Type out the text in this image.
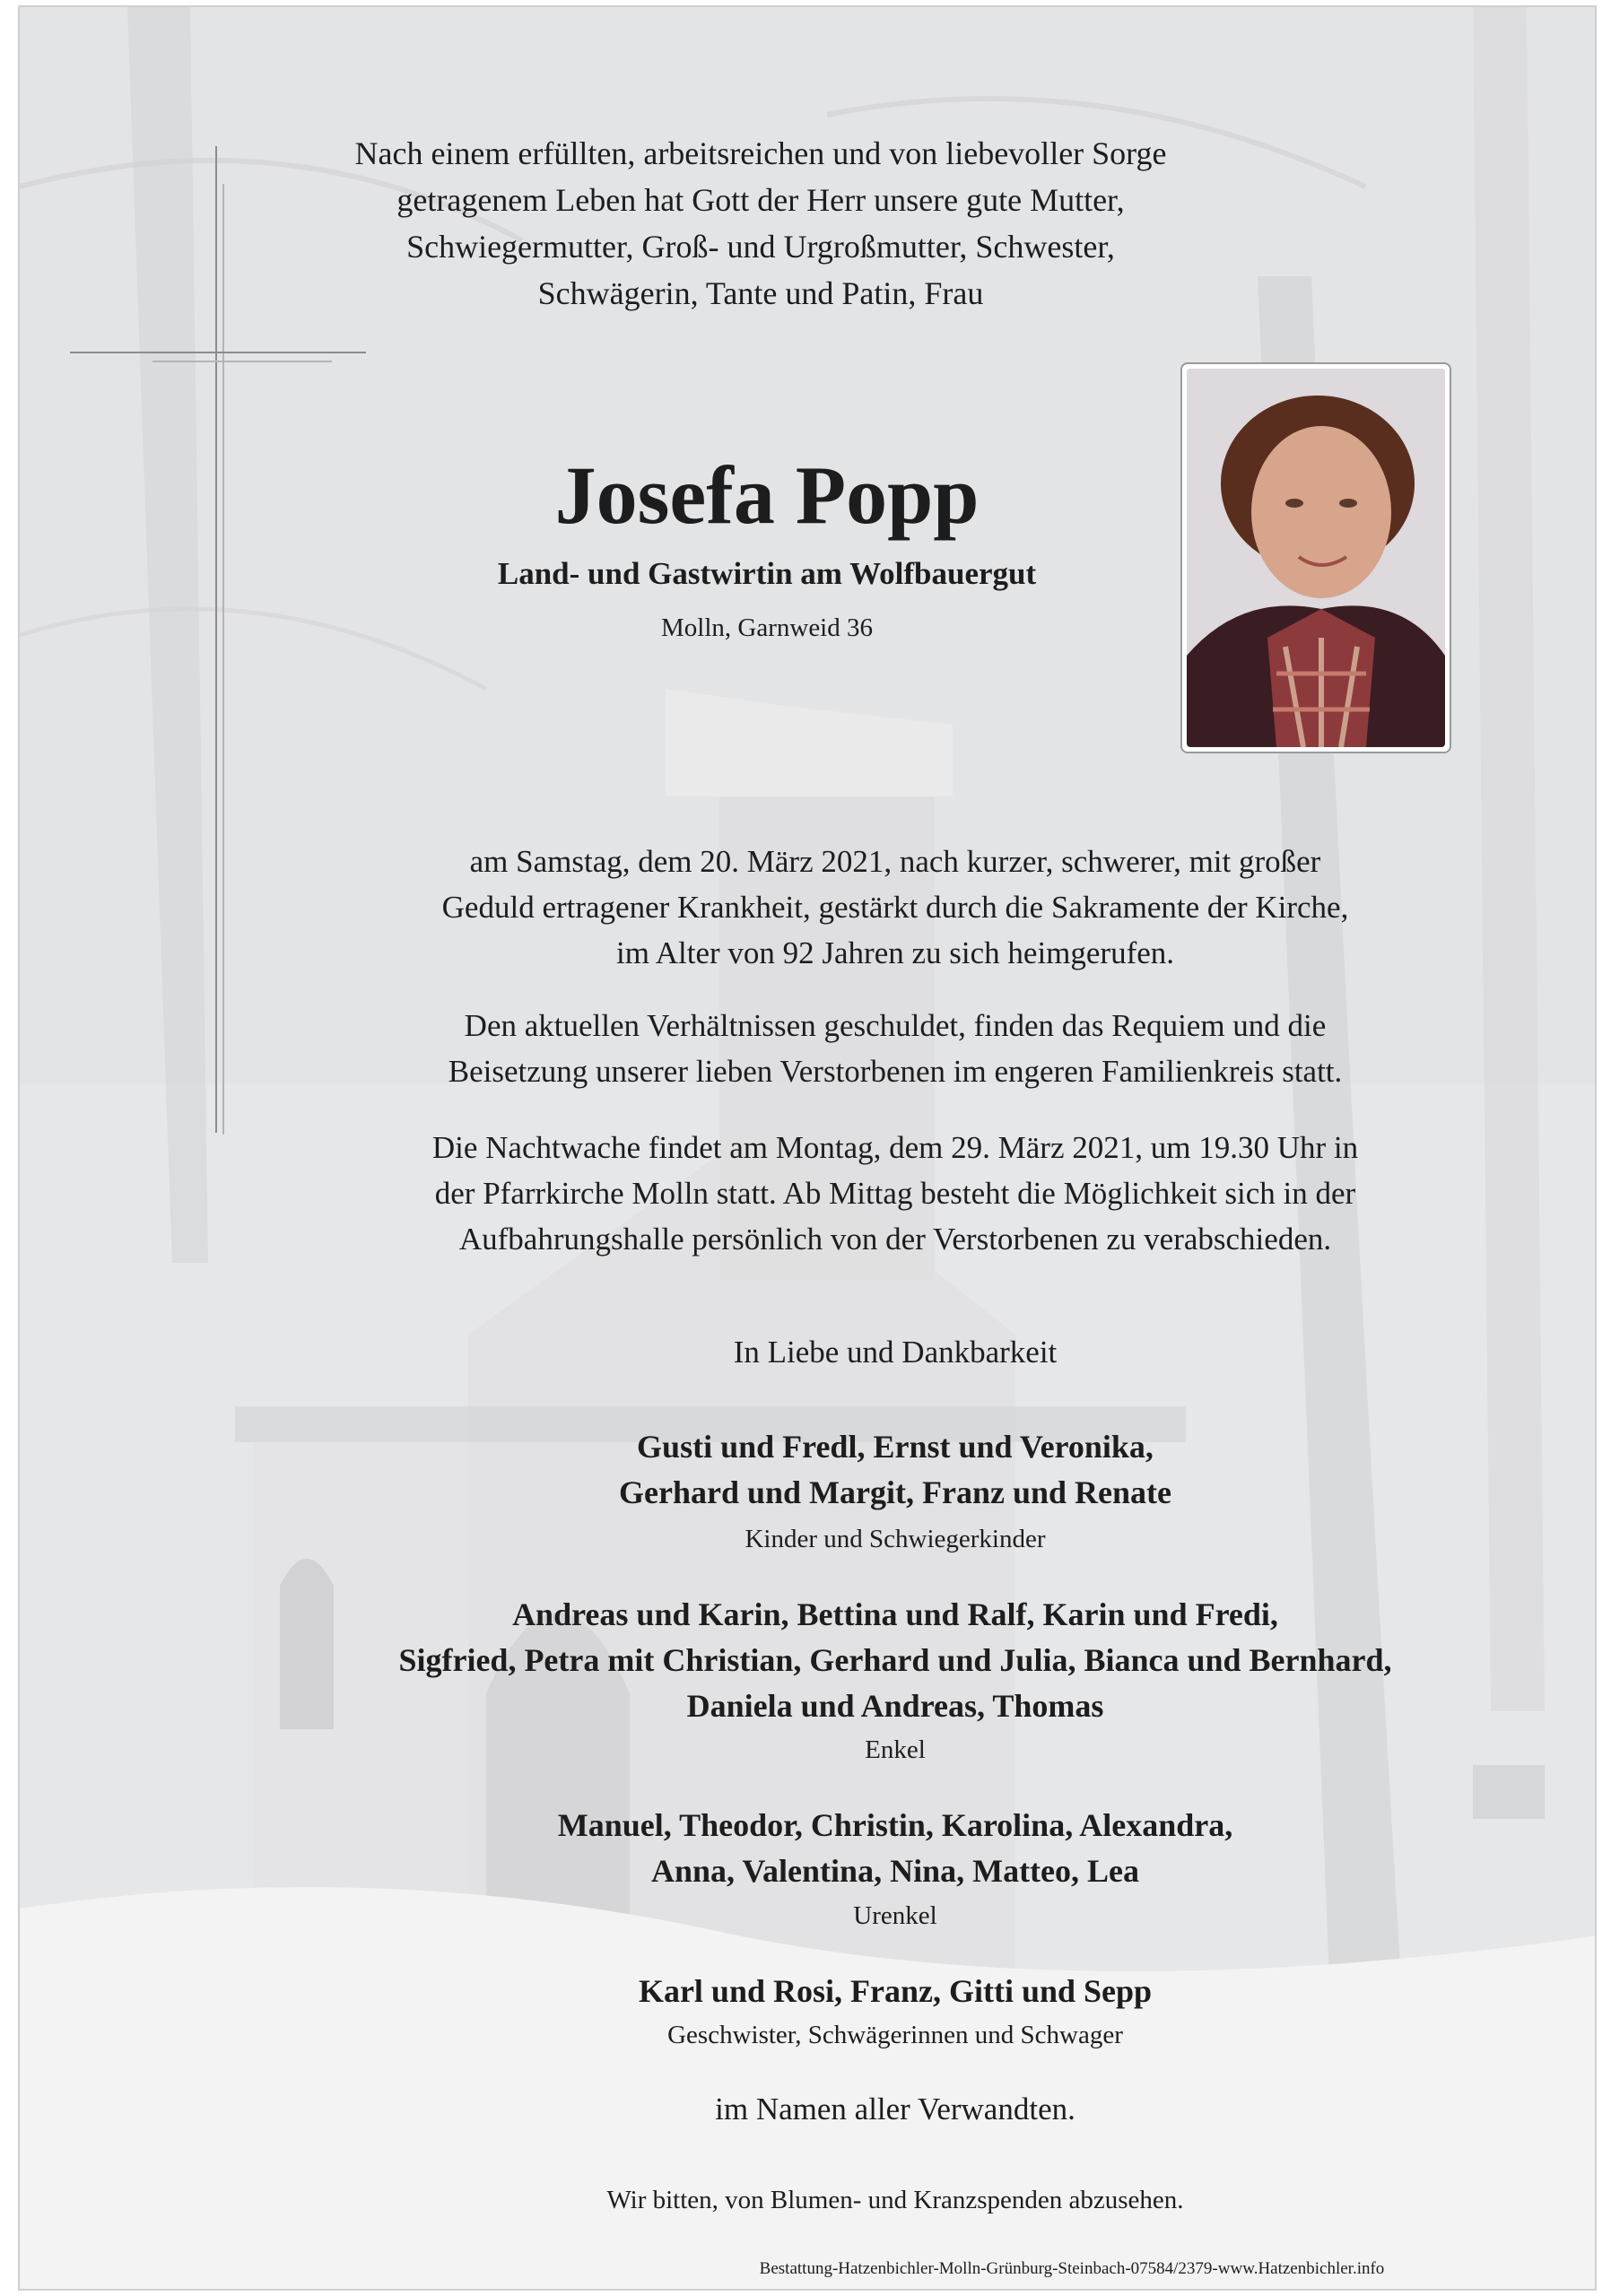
Nach einem erfüllten, arbeitsreichen und von liebevoller Sorge
getragenem Leben hat Gott der Herr unsere gute Mutter,
Schwiegermutter, Groß- und Urgroßmutter, Schwester,
Schwägerin, Tante und Patin, Frau
Josefa Popp
Land- und Gastwirtin am Wolfbauergut
Molln, Garnweid 36
am Samstag, dem 20. März 2021, nach kurzer, schwerer, mit großer
Geduld ertragener Krankheit, gestärkt durch die Sakramente der Kirche,
im Alter von 92 Jahren zu sich heimgerufen.
Den aktuellen Verhältnissen geschuldet, finden das Requiem und die
Beisetzung unserer lieben Verstorbenen im engeren Familienkreis statt.
Die Nachtwache findet am Montag, dem 29. März 2021, um 19.30 Uhr in
der Pfarrkirche Molln statt. Ab Mittag besteht die Möglichkeit sich in der
Aufbahrungshalle persönlich von der Verstorbenen zu verabschieden.
In Liebe und Dankbarkeit
Gusti und Fredl, Ernst und Veronika,
Gerhard und Margit, Franz und Renate
Kinder und Schwiegerkinder
Andreas und Karin, Bettina und Ralf, Karin und Fredi,
Sigfried, Petra mit Christian, Gerhard und Julia, Bianca und Bernhard,
Daniela und Andreas, Thomas
Enkel
Manuel, Theodor, Christin, Karolina, Alexandra,
Anna, Valentina, Nina, Matteo, Lea
Urenkel
Karl und Rosi, Franz, Gitti und Sepp
Geschwister, Schwägerinnen und Schwager
im Namen aller Verwandten.
Wir bitten, von Blumen- und Kranzspenden abzusehen.
Bestattung-Hatzenbichler-Molln-Grünburg-Steinbach-07584/2379-www.Hatzenbichler.info
